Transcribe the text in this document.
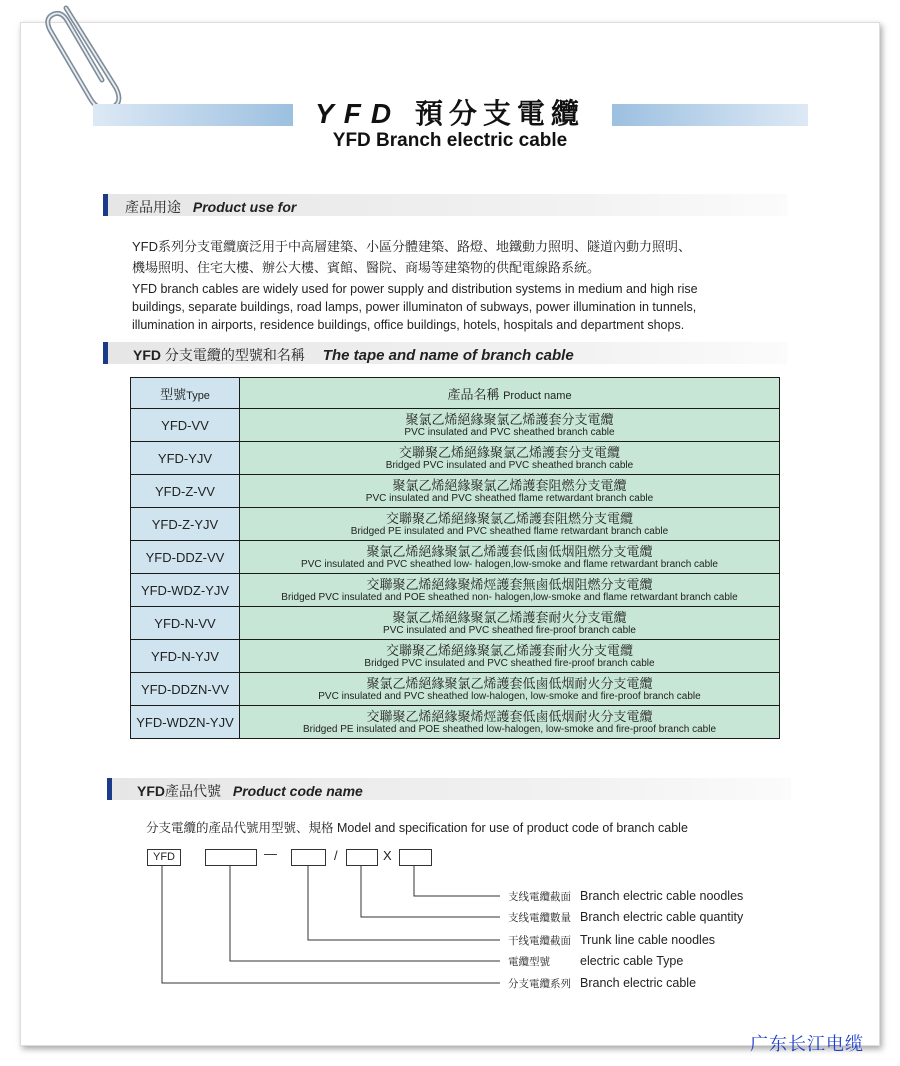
YFD 預分支電纜
YFD Branch electric cable
產品用途 Product use for
YFD系列分支電纜廣泛用于中高層建築、小區分體建築、路燈、地鐵動力照明、隧道內動力照明、
機場照明、住宅大樓、辦公大樓、賓館、醫院、商場等建築物的供配電線路系統。
YFD branch cables are widely used for power supply and distribution systems in medium and high rise
buildings, separate buildings, road lamps, power illuminaton of subways, power illumination in tunnels,
illumination in airports, residence buildings, office buildings, hotels, hospitals and department shops.
YFD 分支電纜的型號和名稱 The tape and name of branch cable
型號Type	產品名稱 Product name
YFD-VV	聚氯乙烯絕緣聚氯乙烯護套分支電纜
PVC insulated and PVC sheathed branch cable

YFD-YJV	交聯聚乙烯絕緣聚氯乙烯護套分支電纜
Bridged PVC insulated and PVC sheathed branch cable

YFD-Z-VV	聚氯乙烯絕緣聚氯乙烯護套阻燃分支電纜
PVC insulated and PVC sheathed flame retwardant branch cable

YFD-Z-YJV	交聯聚乙烯絕緣聚氯乙烯護套阻燃分支電纜
Bridged PE insulated and PVC sheathed flame retwardant branch cable

YFD-DDZ-VV	聚氯乙烯絕緣聚氯乙烯護套低鹵低烟阻燃分支電纜
PVC insulated and PVC sheathed low- halogen,low-smoke and flame retwardant branch cable

YFD-WDZ-YJV	交聯聚乙烯絕緣聚烯烴護套無鹵低烟阻燃分支電纜
Bridged PVC insulated and POE sheathed non- halogen,low-smoke and flame retwardant branch cable

YFD-N-VV	聚氯乙烯絕緣聚氯乙烯護套耐火分支電纜
PVC insulated and PVC sheathed fire-proof branch cable

YFD-N-YJV	交聯聚乙烯絕緣聚氯乙烯護套耐火分支電纜
Bridged PVC insulated and PVC sheathed fire-proof branch cable

YFD-DDZN-VV	聚氯乙烯絕緣聚氯乙烯護套低鹵低烟耐火分支電纜
PVC insulated and PVC sheathed low-halogen, low-smoke and fire-proof branch cable

YFD-WDZN-YJV	交聯聚乙烯絕緣聚烯烴護套低鹵低烟耐火分支電纜
Bridged PE insulated and POE sheathed low-halogen, low-smoke and fire-proof branch cable
YFD產品代號 Product code name
分支電纜的產品代號用型號、規格 Model and specification for use of product code of branch cable
YFD	—	/	X
支线電纜截面 Branch electric cable noodles
支线電纜數量 Branch electric cable quantity
干线電纜截面 Trunk line cable noodles
電纜型號 electric cable Type
分支電纜系列 Branch electric cable
广东长江电缆
